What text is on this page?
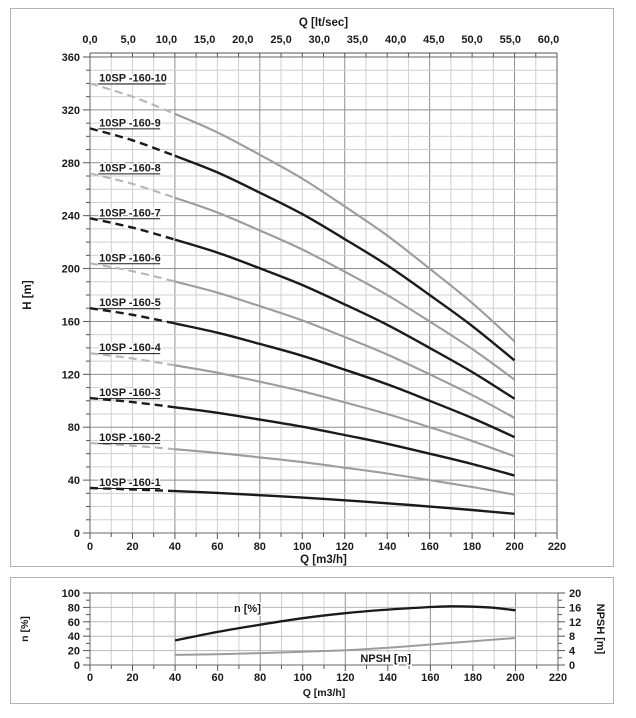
0,0 5,0 10,0 15,0 20,0 25,0 30,0 35,0 40,0 45,0 50,0 55,0 60,0
Q [lt/sec]
0
40
80
120
160
200
240
280
320
360
H [m]
0	20	40	60	80 100 120 140 160 180 200 220
Q [m3/h]
10SP -160-10
10SP -160-9
10SP -160-8
10SP -160-7
10SP -160-6
10SP -160-5
10SP -160-4
10SP -160-3
10SP -160-2
10SP -160-1
0
20
40
60
80
100
n [%]
0
4
8
12
16
20
NPSH [m]
0	20	40	60	80 100 120 140 160 180 200 220
Q [m3/h]
n [%]
NPSH [m]
